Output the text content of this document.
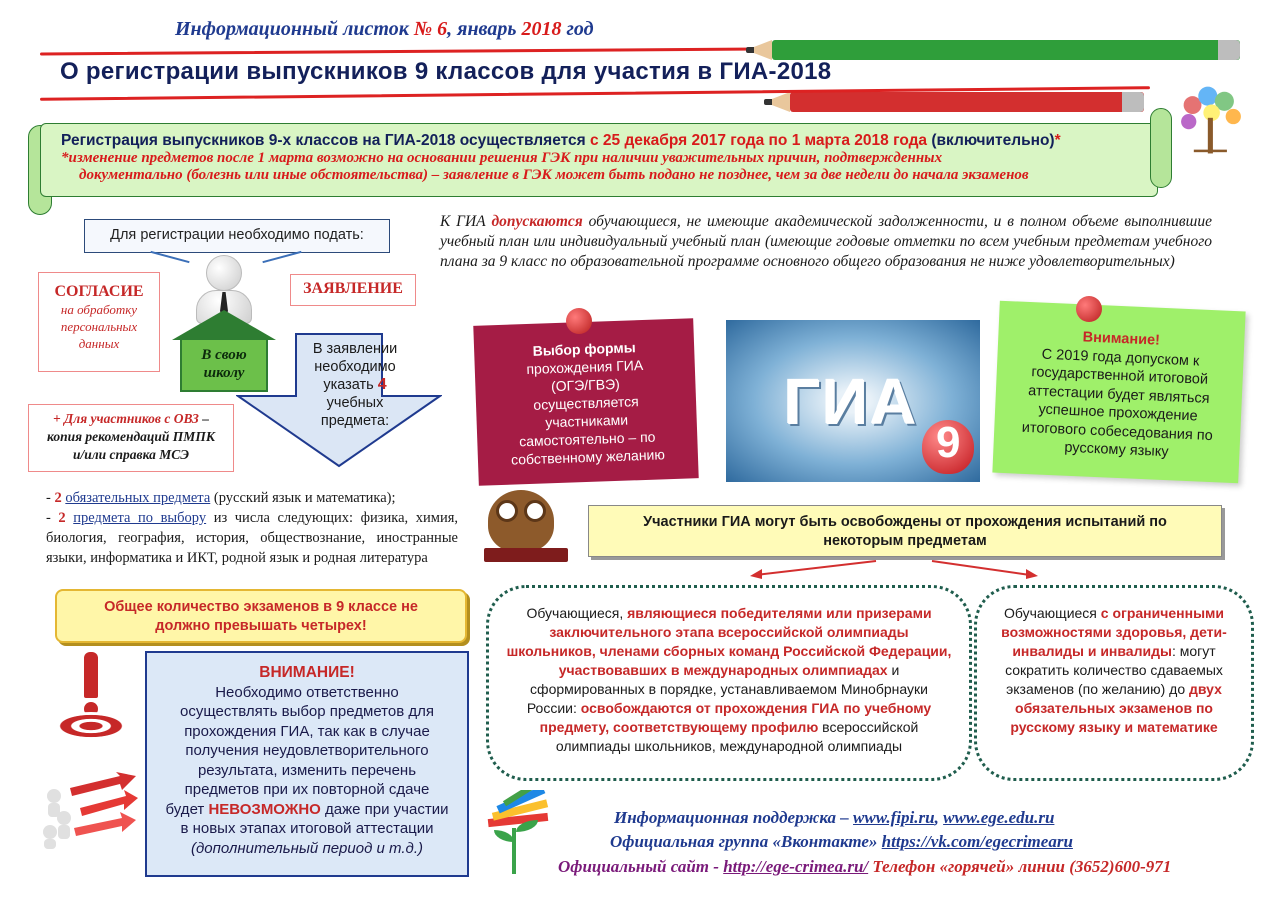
Информационный листок № 6, январь 2018 год
О регистрации выпускников 9 классов для участия в ГИА-2018
Регистрация выпускников 9-х классов на ГИА-2018 осуществляется с 25 декабря 2017 года по 1 марта 2018 года (включительно)*
*изменение предметов после 1 марта возможно на основании решения ГЭК при наличии уважительных причин, подтвержденных
документально (болезнь или иные обстоятельства) – заявление в ГЭК может быть подано не позднее, чем за две недели до начала экзаменов
Для регистрации необходимо подать:
СОГЛАСИЕ
на обработку
персональных
данных
ЗАЯВЛЕНИЕ
В свою
школу
В заявлении
необходимо
указать 4
учебных
предмета:
+ Для участников с ОВЗ –
копия рекомендаций ПМПК
и/или справка МСЭ
- 2 обязательных предмета (русский язык и математика);
- 2 предмета по выбору из числа следующих: физика, химия, биология, география, история, обществознание, иностранные языки, информатика и ИКТ, родной язык и родная литература
Общее количество экзаменов в 9 классе не
должно превышать четырех!
ВНИМАНИЕ!
Необходимо ответственно
осуществлять выбор предметов для
прохождения ГИА, так как в случае
получения неудовлетворительного
результата, изменить перечень
предметов при их повторной сдаче
будет НЕВОЗМОЖНО даже при участии
в новых этапах итоговой аттестации
(дополнительный период и т.д.)
К ГИА допускаются обучающиеся, не имеющие академической задолженности, и в полном объеме выполнившие учебный план или индивидуальный учебный план (имеющие годовые отметки по всем учебным предметам учебного плана за 9 класс по образовательной программе основного общего образования не ниже удовлетворительных)
Выбор формы
прохождения ГИА
(ОГЭ/ГВЭ)
осуществляется
участниками
самостоятельно – по
собственному желанию
ГИА
9
Внимание!
С 2019 года допуском к
государственной итоговой
аттестации будет являться
успешное прохождение
итогового собеседования по
русскому языку
Участники ГИА могут быть освобождены от прохождения испытаний по
некоторым предметам
Обучающиеся, являющиеся победителями или призерами заключительного этапа всероссийской олимпиады школьников, членами сборных команд Российской Федерации, участвовавших в международных олимпиадах и сформированных в порядке, устанавливаемом Минобрнауки России: освобождаются от прохождения ГИА по учебному предмету, соответствующему профилю всероссийской олимпиады школьников, международной олимпиады
Обучающиеся с ограниченными возможностями здоровья, дети-инвалиды и инвалиды: могут сократить количество сдаваемых экзаменов (по желанию) до двух обязательных экзаменов по русскому языку и математике
Информационная поддержка – www.fipi.ru, www.ege.edu.ru
Официальная группа «Вконтакте» https://vk.com/egecrimearu
Официальный сайт - http://ege-crimea.ru/ Телефон «горячей» линии (3652)600-971
